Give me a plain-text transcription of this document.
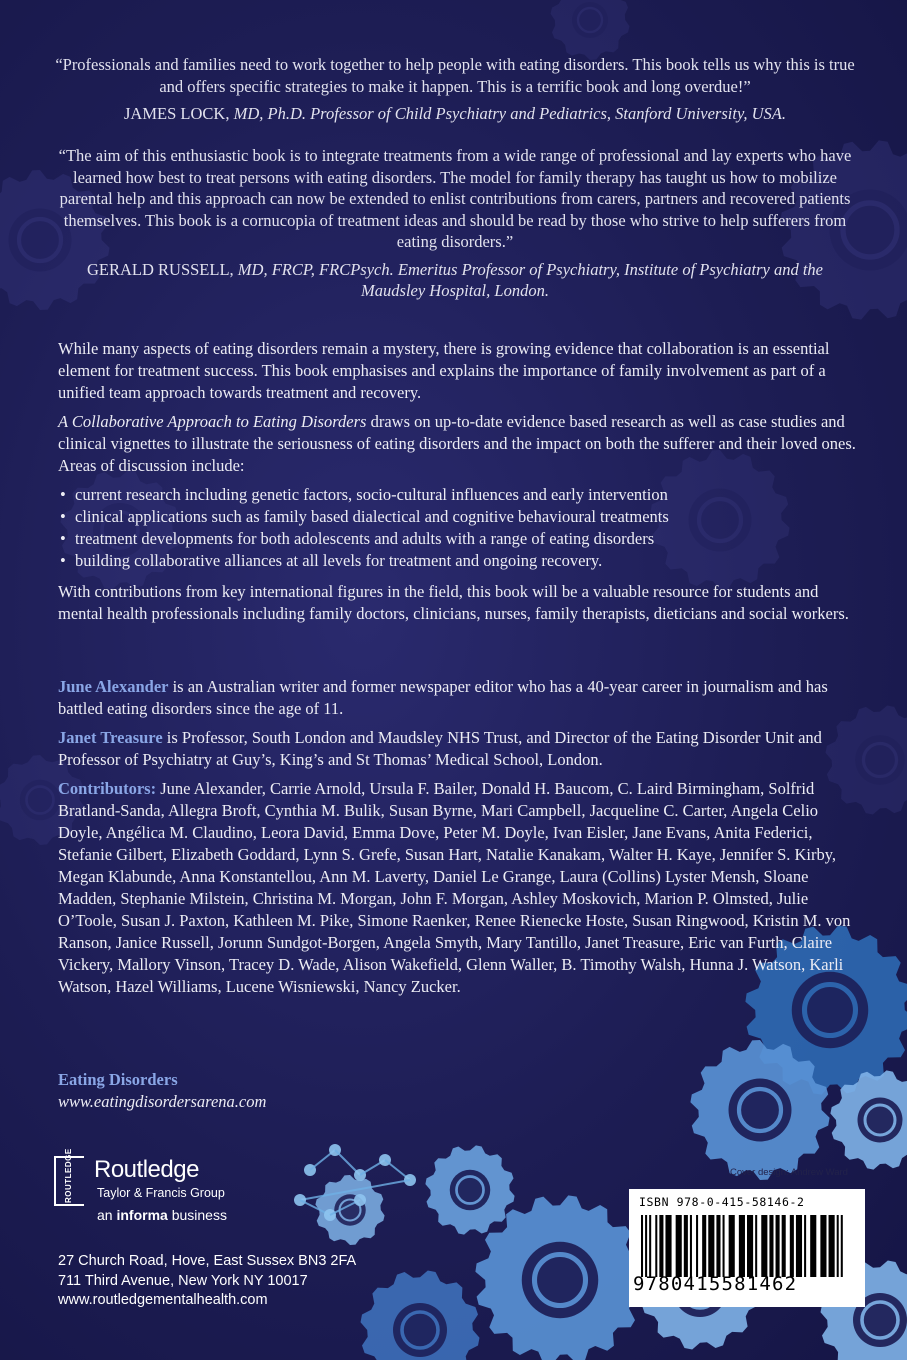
“Professionals and families need to work together to help people with eating disorders. This book tells us why this is true and offers specific strategies to make it happen. This is a terrific book and long overdue!”

JAMES LOCK, MD, Ph.D. Professor of Child Psychiatry and Pediatrics, Stanford University, USA.

“The aim of this enthusiastic book is to integrate treatments from a wide range of professional and lay experts who have learned how best to treat persons with eating disorders. The model for family therapy has taught us how to mobilize parental help and this approach can now be extended to enlist contributions from carers, partners and recovered patients themselves. This book is a cornucopia of treatment ideas and should be read by those who strive to help sufferers from eating disorders.”

GERALD RUSSELL, MD, FRCP, FRCPsych. Emeritus Professor of Psychiatry, Institute of Psychiatry and the Maudsley Hospital, London.

While many aspects of eating disorders remain a mystery, there is growing evidence that collaboration is an essential element for treatment success. This book emphasises and explains the importance of family involvement as part of a unified team approach towards treatment and recovery.

A Collaborative Approach to Eating Disorders draws on up-to-date evidence based research as well as case studies and clinical vignettes to illustrate the seriousness of eating disorders and the impact on both the sufferer and their loved ones. Areas of discussion include:

• current research including genetic factors, socio-cultural influences and early intervention
• clinical applications such as family based dialectical and cognitive behavioural treatments
• treatment developments for both adolescents and adults with a range of eating disorders
• building collaborative alliances at all levels for treatment and ongoing recovery.

With contributions from key international figures in the field, this book will be a valuable resource for students and mental health professionals including family doctors, clinicians, nurses, family therapists, dieticians and social workers.

June Alexander is an Australian writer and former newspaper editor who has a 40-year career in journalism and has battled eating disorders since the age of 11.

Janet Treasure is Professor, South London and Maudsley NHS Trust, and Director of the Eating Disorder Unit and Professor of Psychiatry at Guy’s, King’s and St Thomas’ Medical School, London.

Contributors: June Alexander, Carrie Arnold, Ursula F. Bailer, Donald H. Baucom, C. Laird Birmingham, Solfrid Bratland-Sanda, Allegra Broft, Cynthia M. Bulik, Susan Byrne, Mari Campbell, Jacqueline C. Carter, Angela Celio Doyle, Angélica M. Claudino, Leora David, Emma Dove, Peter M. Doyle, Ivan Eisler, Jane Evans, Anita Federici, Stefanie Gilbert, Elizabeth Goddard, Lynn S. Grefe, Susan Hart, Natalie Kanakam, Walter H. Kaye, Jennifer S. Kirby, Megan Klabunde, Anna Konstantellou, Ann M. Laverty, Daniel Le Grange, Laura (Collins) Lyster Mensh, Sloane Madden, Stephanie Milstein, Christina M. Morgan, John F. Morgan, Ashley Moskovich, Marion P. Olmsted, Julie O’Toole, Susan J. Paxton, Kathleen M. Pike, Simone Raenker, Renee Rienecke Hoste, Susan Ringwood, Kristin M. von Ranson, Janice Russell, Jorunn Sundgot-Borgen, Angela Smyth, Mary Tantillo, Janet Treasure, Eric van Furth, Claire Vickery, Mallory Vinson, Tracey D. Wade, Alison Wakefield, Glenn Waller, B. Timothy Walsh, Hunna J. Watson, Karli Watson, Hazel Williams, Lucene Wisniewski, Nancy Zucker.

Eating Disorders
www.eatingdisordersarena.com
ROUTLEDGE Routledge
Taylor & Francis Group
an informa business
27 Church Road, Hove, East Sussex BN3 2FA
711 Third Avenue, New York NY 10017
www.routledgementalhealth.com
Cover design: Andrew Ward
ISBN 978-0-415-58146-2
9780415581462
